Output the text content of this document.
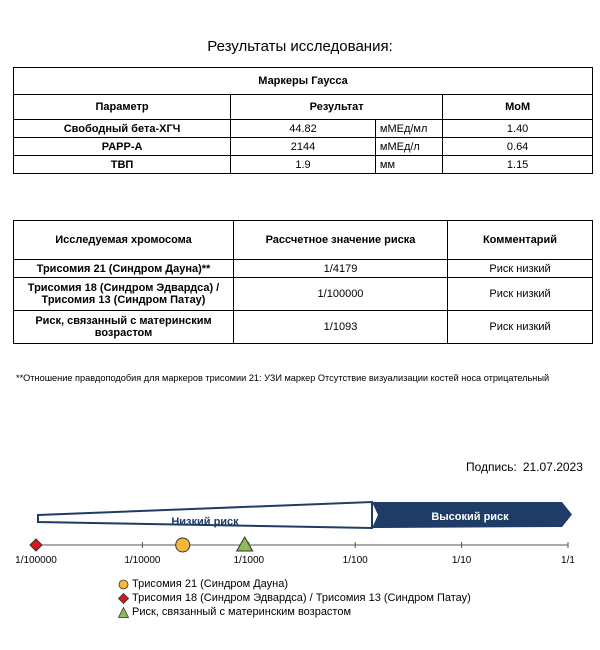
Результаты исследования:
Маркеры Гаусса			
Параметр	Результат		MoM
Свободный бета-ХГЧ	44.82	мМЕд/мл	1.40
PAPP-A	2144	мМЕд/л	0.64
ТВП	1.9	мм	1.15
Исследуемая хромосома	Рассчетное значение риска	Комментарий
Трисомия 21 (Синдром Дауна)**	1/4179	Риск низкий
Трисомия 18 (Синдром Эдвардса) / Трисомия 13 (Синдром Патау)	1/100000	Риск низкий
Риск, связанный с материнским возрастом	1/1093	Риск низкий
**Отношение правдоподобия для маркеров трисомии 21: УЗИ маркер Отсутствие визуализации костей носа отрицательный
Подпись: 21.07.2023
Низкий риск	Высокий риск
1/100000	1/10000	1/1000	1/100	1/10	1/1
Трисомия 21 (Синдром Дауна)
Трисомия 18 (Синдром Эдвардса) / Трисомия 13 (Синдром Патау)
Риск, связанный с материнским возрастом
